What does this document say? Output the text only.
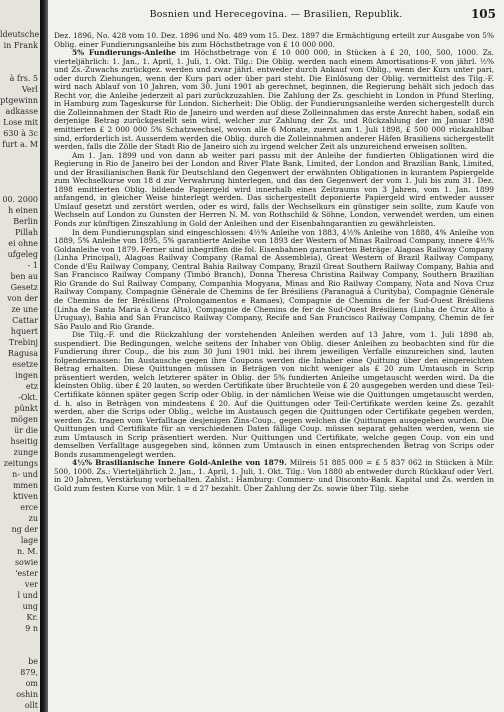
ldeutsche
in Frank
à frs. 5
Verl
ptgewinn
adkasse
Lose mit
630 à 3c
furt a. M
00. 2000
h einen
Berlin
Pillah
ei ohne
ufgeleg
- 1
ben au
Gesetz
von der
ze une
Cattar
hquert
Trebinj
Ragusa
esetze
ingen
etz
-Okt.
pünkt
mögen
ür die
hseitig
zunge
zeitungs
n- und
mmen
ktiven
erce
zu
ng der
lage
n. M.
sowie
'ester
ver
l und
ung
Kr.
9 n
be
879,
om
oshin
ollt
Bosnien und Herecegovina. — Brasilien, Republik.	105

Dez. 1896, No. 428 vom 10. Dez. 1896 und No. 489 vom 15. Dez. 1897 die Ermächtigung erteilt zur Ausgabe von 5% Oblig. einer Fundierungsanleihe bis zum Höchstbetrage von £ 10 000 000.

5% Fundierungs-Anleihe im Höchstbetrage von £ 10 000 000, in Stücken à £ 20, 100, 500, 1000. Zs. vierteljährlich: 1. Jan., 1. April, 1. Juli, 1. Okt. Tilg.: Die Oblig. werden nach einem Amortisations-F. von jährl. ½% und Zs.-Zuwachs zurückgez. werden und zwar jährl. entweder durch Ankauf von Oblig., wenn der Kurs unter pari, oder durch Ziehungen, wenn der Kurs pari oder über pari steht. Die Einlösung der Oblig. vermittelst des Tilg.-F. wird nach Ablauf von 10 Jahren, vom 30. Juni 1901 ab gerechnet, beginnen, die Regierung behält sich jedoch das Recht vor, die Anleihe jederzeit al pari zurückzuzahlen. Die Zahlung der Zs. geschieht in London in Pfund Sterling, in Hamburg zum Tageskurse für London. Sicherheit: Die Oblig. der Fundierungsanleihe werden sichergestellt durch die Zolleinnahmen der Stadt Rio de Janeiro und werden auf diese Zolleinnahmen das erste Anrecht haben, sodaß ein derjenige Betrag zurückgestellt sein wird, welcher zur Zahlung der Zs. und Rückzahlung der im Januar 1898 emittierten £ 2 000 000 5% Schatzwechsel, wovon alle 6 Monate, zuerst am 1. Juli 1898, £ 500 000 rückzahlbar sind, erforderlich ist. Ausserdem werden die Oblig. durch die Zolleinnahmen anderer Häfen Brasiliens sichergestellt werden, falls die Zölle der Stadt Rio de Janeiro sich zu irgend welcher Zeit als unzureichend erweisen sollten.

Am 1. Jan. 1899 und von dann ab weiter pari passu mit der Anleihe der fundierten Obligationen wird die Regierung in Rio de Janeiro bei der London and River Plate Bank, Limited, der London and Brazilian Bank, Limited, und der Brasilianischen Bank für Deutschland den Gegenwert der erwähnten Obligationen in kurantem Papiergelde zum Wechselkurse von 18 d zur Verwahrung hinterlegen, und das den Gegenwert der vom 1. Juli bis zum 31. Dez. 1898 emittierten Oblig. bildende Papiergeld wird innerhalb eines Zeitraums von 3 Jahren, vom 1. Jan. 1899 anfangend, in gleicher Weise hinterlegt werden. Das sichergestellt deponierte Papiergeld wird entweder ausser Umlauf gesetzt und zerstört werden, oder es wird, falls der Wechselkurs ein günstiger sein sollte, zum Kaufe von Wechseln auf London zu Gunsten der Herren N. M. von Rothschild & Söhne, London, verwendet werden, um einen Fonds zur künftigen Zinszahlung in Gold der Anleihen und der Eisenbahngarantien zu gewährleisten.

In dem Fundierungsplan sind eingeschlossen: 4½% Anleihe von 1883, 4½% Anleihe von 1888, 4% Anleihe von 1889, 5% Anleihe von 1895, 5% garantierte Anleihe von 1893 der Western of Minas Railroad Company, innere 4½% Goldanleihe von 1879. Ferner sind inbegriffen die fol. Eisenbahnen garantierten Beträge: Alagoas Railway Company (Linha Principal), Alagoas Railway Company (Ramal de Assembleia), Great Western of Brazil Railway Company, Conde d'Eu Railway Company, Central Bahia Railway Company, Brazil Great Southern Railway Company, Bahia and San Francisco Railway Company (Timbó Branch), Donna Theresa Christina Railway Company, Southern Brazilian Rio Grande do Sul Railway Company, Companhia Mogyana, Minas and Rio Railway Company, Nota and Nova Cruz Railway Company, Compagnie Générale de Chemins de fer Brésiliens (Paranaguá à Curityba), Compagnie Générale de Chemins de fer Brésiliens (Prolongamentos e Ramaes), Compagnie de Chemins de fer Sud-Ouest Brésiliens (Linha de Santa Maria à Cruz Alta), Compagnie de Chemins de fer de Sud-Ouest Brésiliens (Linha de Cruz Alto à Uruguay), Bahia and San Francisco Railway Company, Recife and San Francisco Railway Company, Chemin de fer São Paulo and Rio Grande.

Die Tilg.-F. und die Rückzahlung der vorstehenden Anleihen werden auf 13 Jahre, vom 1. Juli 1898 ab, suspendiert. Die Bedingungen, welche seitens der Inhaber von Oblig. dieser Anleihen zu beobachten sind für die Fundierung ihrer Coup., die bis zum 30 Juni 1901 inkl. bei ihrem jeweiligen Verfalle einzureichen sind, lauten folgendermassen: Im Austausche gegen ihre Coupons werden die Inhaber eine Quittung über den eingereichten Betrag erhalten. Diese Quittungen müssen in Beträgen von nicht weniger als £ 20 zum Umtausch in Scrip präsentiert werden, welch letzterer später in Oblig. der 5% fundierten Anleihe umgetauscht werden wird. Da die kleinsten Oblig. über £ 20 lauten, so werden Certifikate über Bruchteile von £ 20 ausgegeben werden und diese Teil-Certifikate können später gegen Scrip oder Oblig. in der nämlichen Weise wie die Quittungen umgetauscht werden, d. h. also in Beträgen von mindestens £ 20. Auf die Quittungen oder Teil-Certifikate werden keine Zs. gezahlt werden, aber die Scrips oder Oblig., welche im Austausch gegen die Quittungen oder Certifikate gegeben werden, werden Zs. tragen vom Verfalltage desjenigen Zins-Coup., gegen welchen die Quittungen ausgegeben wurden. Die Quittungen und Certifikate für an verschiedenen Daten fällige Coup. müssen separat gehalten werden, wenn sie zum Umtausch in Scrip präsentiert werden. Nur Quittungen und Certifikate, welche gegen Coup. von ein und demselben Verfalltage ausgegeben sind, können zum Umtausch in einen entsprechenden Betrag von Scrips oder Bonds zusammengelegt werden.

4½% Brasilianische Innere Gold-Anleihe von 1879. Milreis 51 885 000 = £ 5 837 062 in Stücken à Milr. 500, 1000. Zs.: Vierteljährlich 2. Jan., 1. April, 1. Juli, 1. Okt. Tilg.: Von 1880 ab entweder durch Rückkauf oder Verl. in 20 Jahren, Verstärkung vorbehalten. Zahlst.: Hamburg: Commerz- und Disconto-Bank. Kapital und Zs. werden in Gold zum festen Kurse von Milr. 1 = d 27 bezahlt. Über Zahlung der Zs. sowie über Tilg. siehe
